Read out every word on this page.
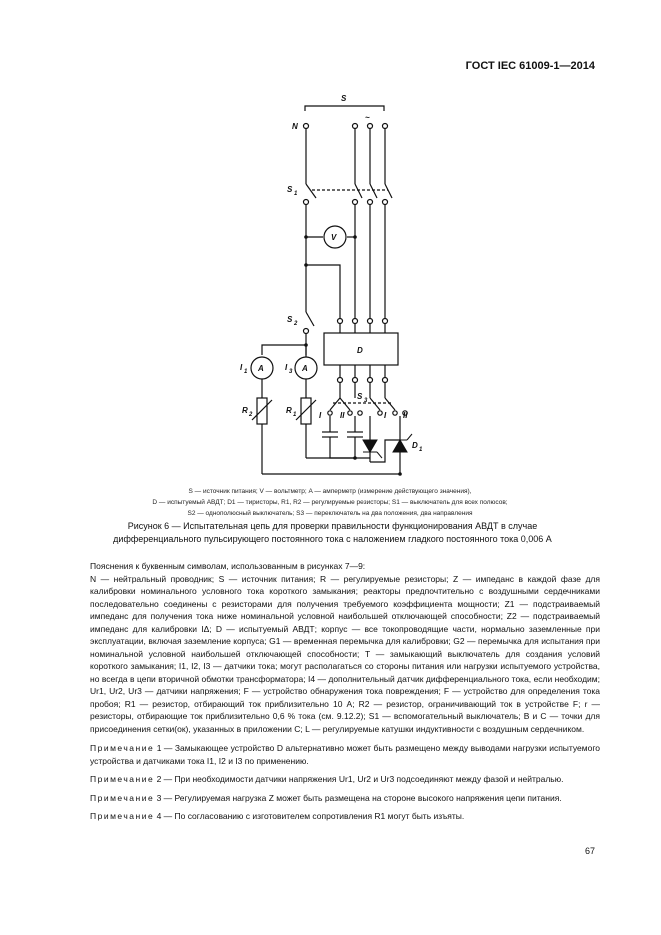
ГОСТ IEC 61009-1—2014
S
N
~
S 1
V
S 2
D
I 1	I 3
A	A
R 2	R 1
S 3
I II	I II
D 1
S — источник питания; V — вольтметр; A — амперметр (измерение действующего значения),
D — испытуемый АВДТ; D1 — тиристоры, R1, R2 — регулируемые резисторы; S1 — выключатель для всех полюсов;
S2 — однополюсный выключатель; S3 — переключатель на два положения, два направления
Рисунок 6 — Испытательная цепь для проверки правильности функционирования АВДТ в случае
дифференциального пульсирующего постоянного тока с наложением гладкого постоянного тока 0,006 А

Пояснения к буквенным символам, использованным в рисунках 7—9:

N — нейтральный проводник; S — источник питания; R — регулируемые резисторы; Z — импеданс в каждой фазе для калибровки номинального условного тока короткого замыкания; реакторы предпочтительно с воздушными сердечниками последовательно соединены с резисторами для получения требуемого коэффициента мощности; Z1 — подстраиваемый импеданс для получения тока ниже номинальной условной наибольшей отключающей способности; Z2 — подстраиваемый импеданс для калибровки IΔ; D — испытуемый АВДТ; корпус — все токопроводящие части, нормально заземленные при эксплуатации, включая заземление корпуса; G1 — временная перемычка для калибровки; G2 — перемычка для испытания при номинальной условной наибольшей отключающей способности; T — замыкающий выключатель для создания условий короткого замыкания; I1, I2, I3 — датчики тока; могут располагаться со стороны питания или нагрузки испытуемого устройства, но всегда в цепи вторичной обмотки трансформатора; I4 — дополнительный датчик дифференциального тока, если необходим; Ur1, Ur2, Ur3 — датчики напряжения; F — устройство обнаружения тока повреждения; F — устройство для определения тока пробоя; R1 — резистор, отбирающий ток приблизительно 10 А; R2 — резистор, ограничивающий ток в устройстве F; r — резисторы, отбирающие ток приблизительно 0,6 % тока (см. 9.12.2); S1 — вспомогательный выключатель; B и C — точки для присоединения сетки(ок), указанных в приложении C; L — регулируемые катушки индуктивности с воздушным сердечником.

Примечание 1 — Замыкающее устройство D альтернативно может быть размещено между выводами нагрузки испытуемого устройства и датчиками тока I1, I2 и I3 по применению.

Примечание 2 — При необходимости датчики напряжения Ur1, Ur2 и Ur3 подсоединяют между фазой и нейтралью.

Примечание 3 — Регулируемая нагрузка Z может быть размещена на стороне высокого напряжения цепи питания.

Примечание 4 — По согласованию с изготовителем сопротивления R1 могут быть изъяты.

67
